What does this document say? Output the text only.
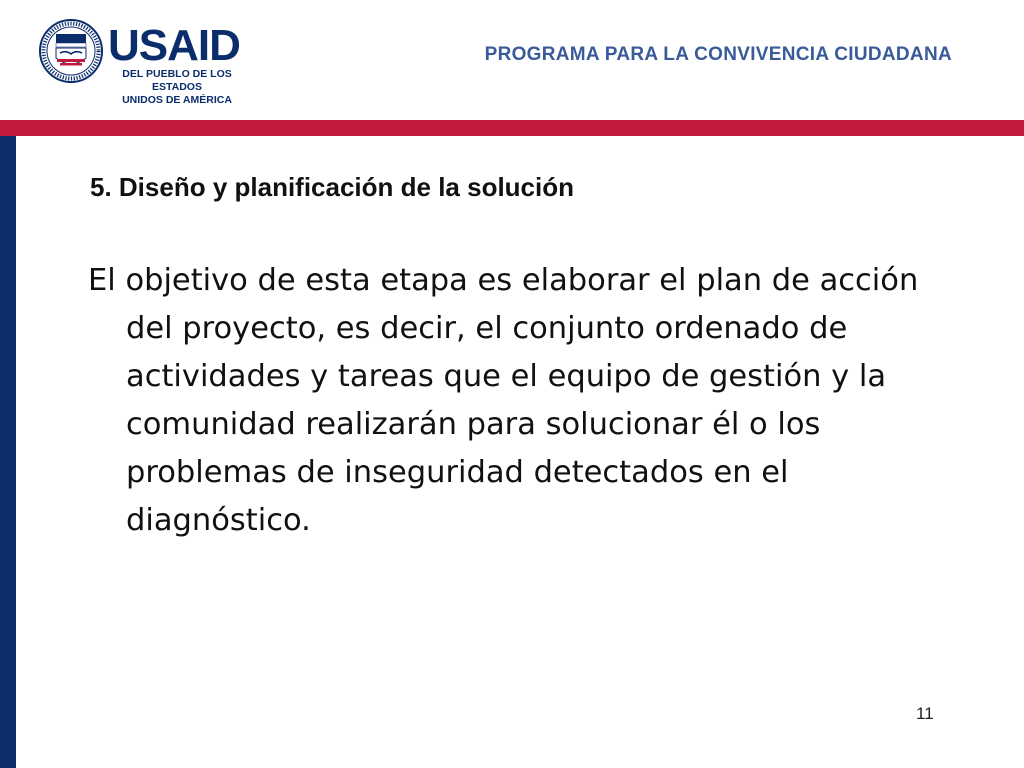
USAID
DEL PUEBLO DE LOS ESTADOS
UNIDOS DE AMÉRICA
PROGRAMA PARA LA CONVIVENCIA CIUDADANA
5. Diseño y planificación de la solución
El objetivo de esta etapa es elaborar el plan de acción del proyecto, es decir, el conjunto ordenado de actividades y tareas que el equipo de gestión y la comunidad realizarán para solucionar él o los problemas de inseguridad detectados en el diagnóstico.
11
